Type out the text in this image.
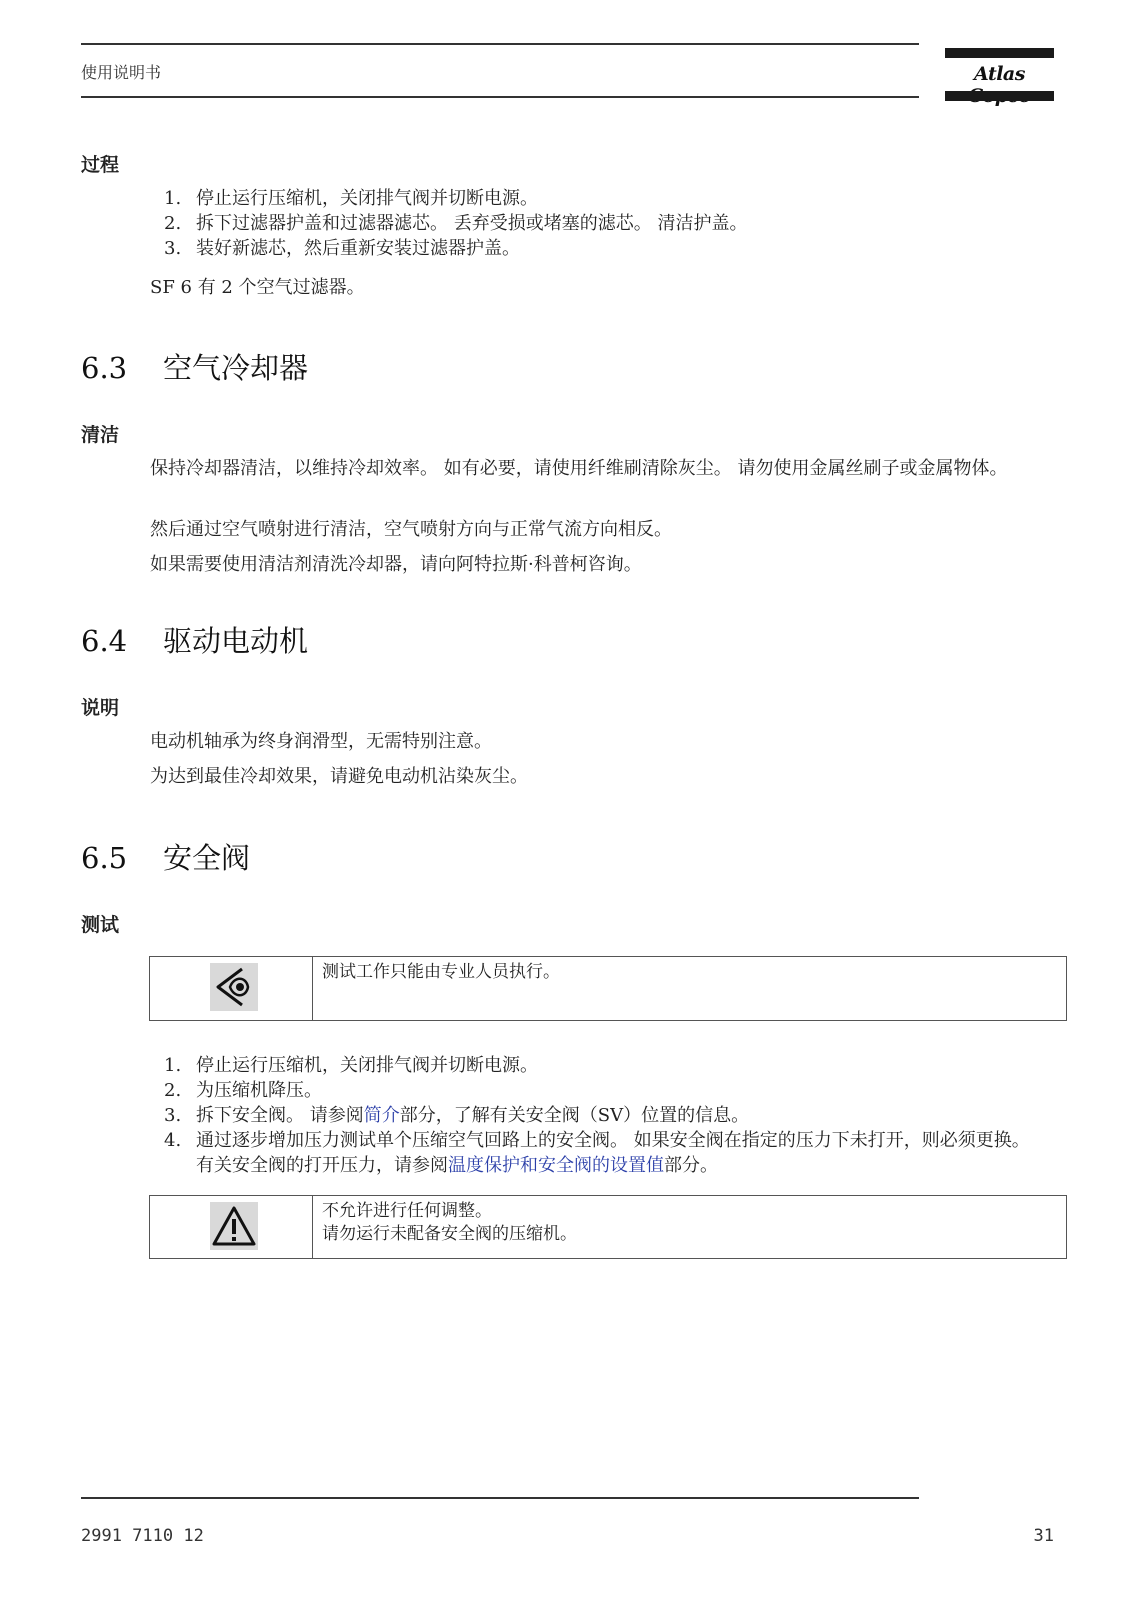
使用说明书	Atlas
过程
1. 停止运行压缩机，关闭排气阀并切断电源。
2. 拆下过滤器护盖和过滤器滤芯。 丢弃受损或堵塞的滤芯。 清洁护盖。
3. 装好新滤芯，然后重新安装过滤器护盖。

SF 6 有 2 个空气过滤器。

6.3 空气冷却器
清洁

保持冷却器清洁，以维持冷却效率。 如有必要，请使用纤维刷清除灰尘。 请勿使用金属丝刷子或金属物体。

然后通过空气喷射进行清洁，空气喷射方向与正常气流方向相反。

如果需要使用清洁剂清洗冷却器，请向阿特拉斯·科普柯咨询。

6.4 驱动电动机
说明

电动机轴承为终身润滑型，无需特别注意。

为达到最佳冷却效果，请避免电动机沾染灰尘。

6.5 安全阀
测试
测试工作只能由专业人员执行。
1. 停止运行压缩机，关闭排气阀并切断电源。
2. 为压缩机降压。
3. 拆下安全阀。 请参阅简介部分，了解有关安全阀（SV）位置的信息。
4. 通过逐步增加压力测试单个压缩空气回路上的安全阀。 如果安全阀在指定的压力下未打开，则必须更换。 有关安全阀的打开压力，请参阅温度保护和安全阀的设置值部分。
不允许进行任何调整。
请勿运行未配备安全阀的压缩机。
2991 7110 12	31
